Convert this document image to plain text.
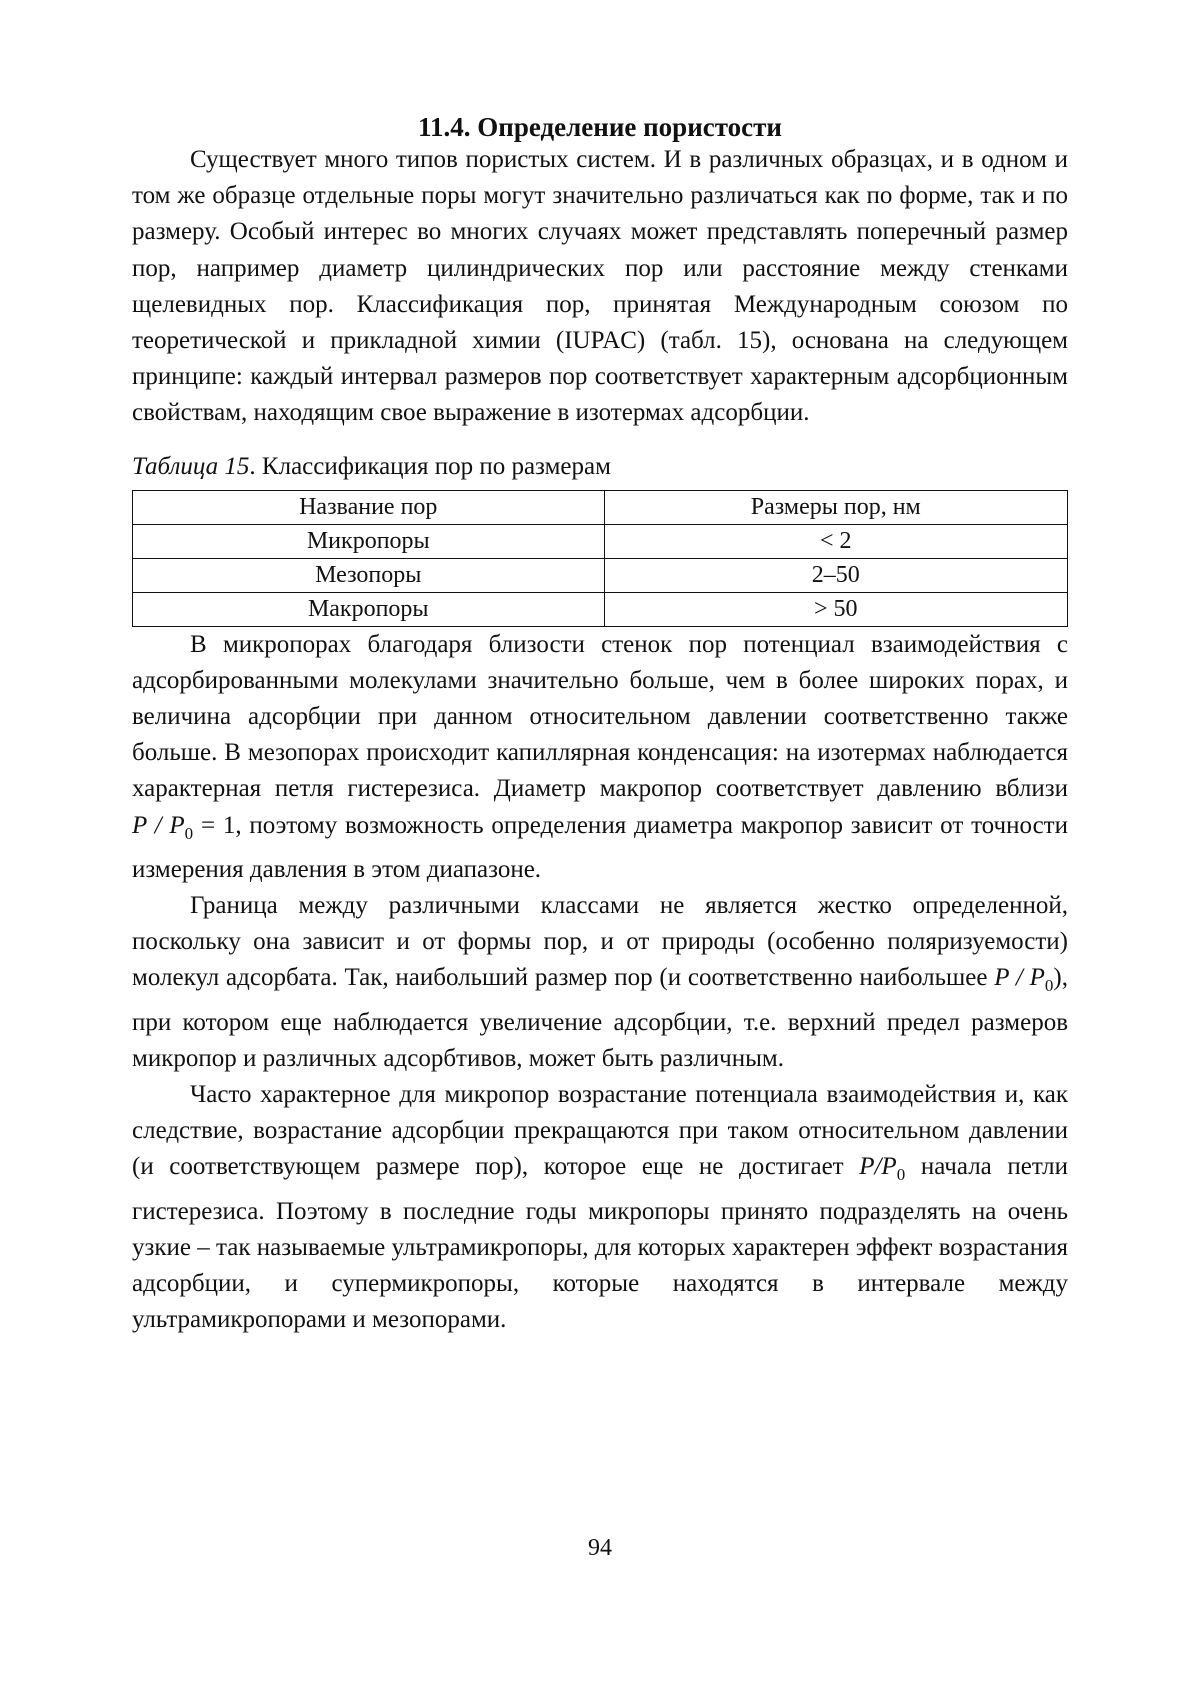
11.4. Определение пористости

Существует много типов пористых систем. И в различных образцах, и в одном и том же образце отдельные поры могут значительно различаться как по форме, так и по размеру. Особый интерес во многих случаях может представлять поперечный размер пор, например диаметр цилиндрических пор или расстояние между стенками щелевидных пор. Классификация пор, принятая Международным союзом по теоретической и прикладной химии (IUPAC) (табл. 15), основана на следующем принципе: каждый интервал размеров пор соответствует характерным адсорбционным свойствам, находящим свое выражение в изотермах адсорбции.

Таблица 15. Классификация пор по размерам
Название пор	Размеры пор, нм
Микропоры	< 2
Мезопоры	2–50
Макропоры	> 50

В микропорах благодаря близости стенок пор потенциал взаимодействия с адсорбированными молекулами значительно больше, чем в более широких порах, и величина адсорбции при данном относительном давлении соответственно также больше. В мезопорах происходит капиллярная конденсация: на изотермах наблюдается характерная петля гистерезиса. Диаметр макропор соответствует давлению вблизи $P / P_0 = 1$, поэтому возможность определения диаметра макропор зависит от точности измерения давления в этом диапазоне.

Граница между различными классами не является жестко определенной, поскольку она зависит и от формы пор, и от природы (особенно поляризуемости) молекул адсорбата. Так, наибольший размер пор (и соответственно наибольшее P / $P_0$), при котором еще наблюдается увеличение адсорбции, т.е. верхний предел размеров микропор и различных адсорбтивов, может быть различным.

Часто характерное для микропор возрастание потенциала взаимодействия и, как следствие, возрастание адсорбции прекращаются при таком относительном давлении (и соответствующем размере пор), которое еще не достигает $P/P_0$ начала петли гистерезиса. Поэтому в последние годы микропоры принято подразделять на очень узкие – так называемые ультрамикропоры, для которых характерен эффект возрастания адсорбции, и супермикропоры, которые находятся в интервале между ультрамикропорами и мезопорами.

94
